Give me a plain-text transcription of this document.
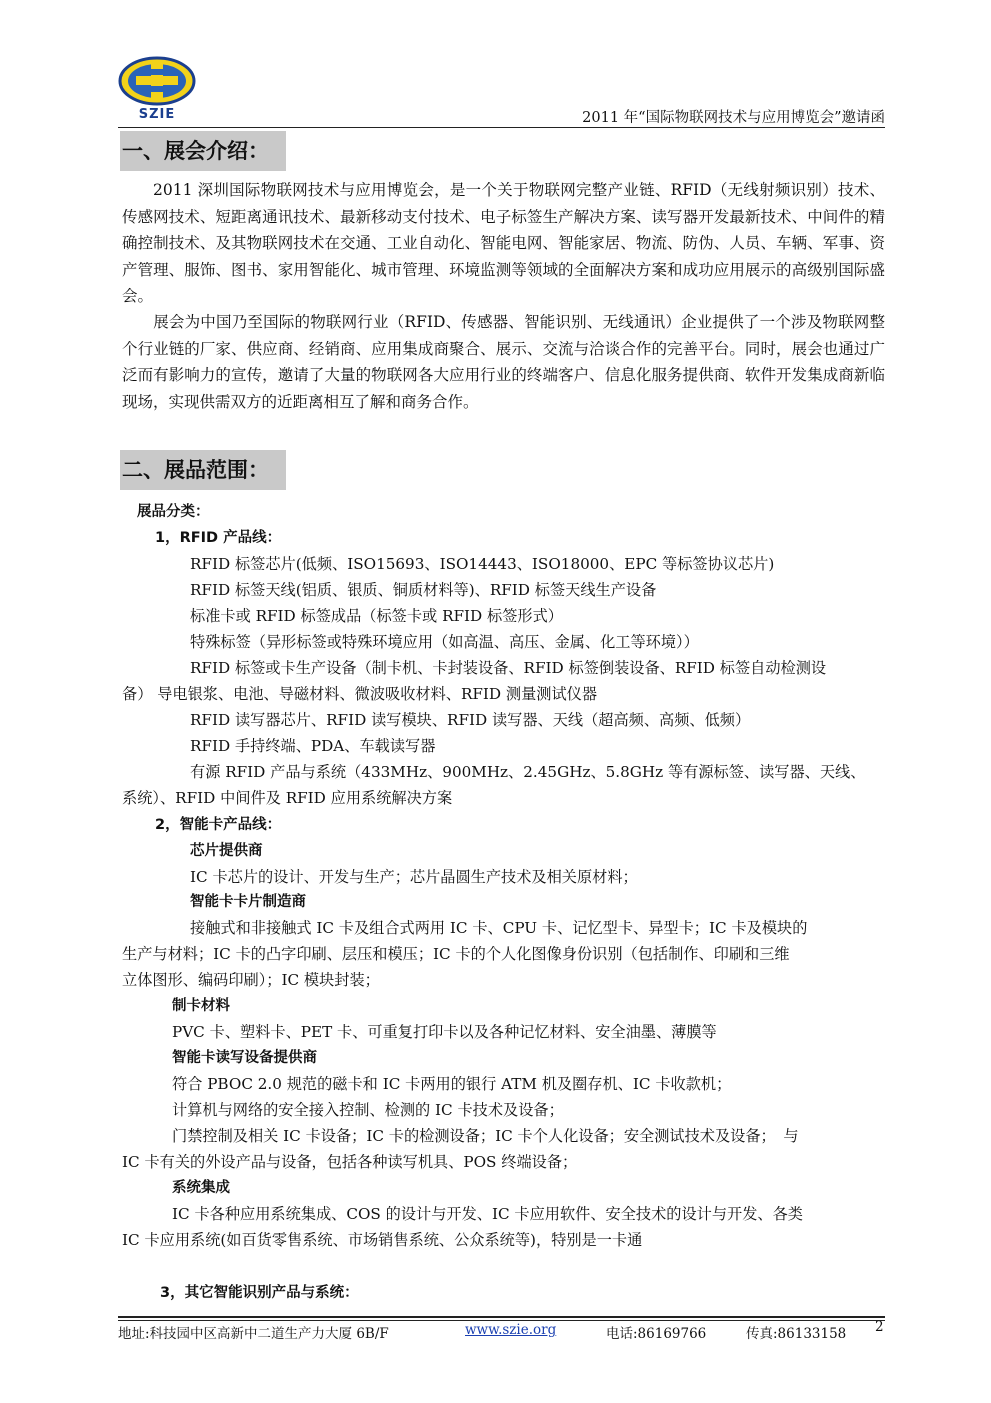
SZIE	2011 年“国际物联网技术与应用博览会”邀请函
一、展会介绍：
2011 深圳国际物联网技术与应用博览会，是一个关于物联网完整产业链、RFID（无线射频识别）技术、传感网技术、短距离通讯技术、最新移动支付技术、电子标签生产解决方案、读写器开发最新技术、中间件的精确控制技术、及其物联网技术在交通、工业自动化、智能电网、智能家居、物流、防伪、人员、车辆、军事、资产管理、服饰、图书、家用智能化、城市管理、环境监测等领域的全面解决方案和成功应用展示的高级别国际盛会。
展会为中国乃至国际的物联网行业（RFID、传感器、智能识别、无线通讯）企业提供了一个涉及物联网整个行业链的厂家、供应商、经销商、应用集成商聚合、展示、交流与洽谈合作的完善平台。同时，展会也通过广泛而有影响力的宣传，邀请了大量的物联网各大应用行业的终端客户、信息化服务提供商、软件开发集成商新临现场，实现供需双方的近距离相互了解和商务合作。
二、展品范围：
展品分类：
1，RFID 产品线：
RFID 标签芯片(低频、ISO15693、ISO14443、ISO18000、EPC 等标签协议芯片)
RFID 标签天线(铝质、银质、铜质材料等)、RFID 标签天线生产设备
标准卡或 RFID 标签成品（标签卡或 RFID 标签形式）
特殊标签（异形标签或特殊环境应用（如高温、高压、金属、化工等环境））
RFID 标签或卡生产设备（制卡机、卡封装设备、RFID 标签倒装设备、RFID 标签自动检测设
备） 导电银浆、电池、导磁材料、微波吸收材料、RFID 测量测试仪器
RFID 读写器芯片、RFID 读写模块、RFID 读写器、天线（超高频、高频、低频）
RFID 手持终端、PDA、车载读写器
有源 RFID 产品与系统（433MHz、900MHz、2.45GHz、5.8GHz 等有源标签、读写器、天线、
系统）、RFID 中间件及 RFID 应用系统解决方案
2，智能卡产品线：
芯片提供商
IC 卡芯片的设计、开发与生产；芯片晶圆生产技术及相关原材料；
智能卡卡片制造商
接触式和非接触式 IC 卡及组合式两用 IC 卡、CPU 卡、记忆型卡、异型卡；IC 卡及模块的
生产与材料；IC 卡的凸字印刷、层压和模压；IC 卡的个人化图像身份识别（包括制作、印刷和三维
立体图形、编码印刷）；IC 模块封装；
制卡材料
PVC 卡、塑料卡、PET 卡、可重复打印卡以及各种记忆材料、安全油墨、薄膜等
智能卡读写设备提供商
符合 PBOC 2.0 规范的磁卡和 IC 卡两用的银行 ATM 机及圈存机、IC 卡收款机；
计算机与网络的安全接入控制、检测的 IC 卡技术及设备；
门禁控制及相关 IC 卡设备；IC 卡的检测设备；IC 卡个人化设备；安全测试技术及设备；　与
IC 卡有关的外设产品与设备，包括各种读写机具、POS 终端设备；
系统集成
IC 卡各种应用系统集成、COS 的设计与开发、IC 卡应用软件、安全技术的设计与开发、各类
IC 卡应用系统(如百货零售系统、市场销售系统、公众系统等)，特别是一卡通
3，其它智能识别产品与系统：
地址:科技园中区高新中二道生产力大厦 6B/F	www.szie.org	电话:86169766	传真:86133158 2
